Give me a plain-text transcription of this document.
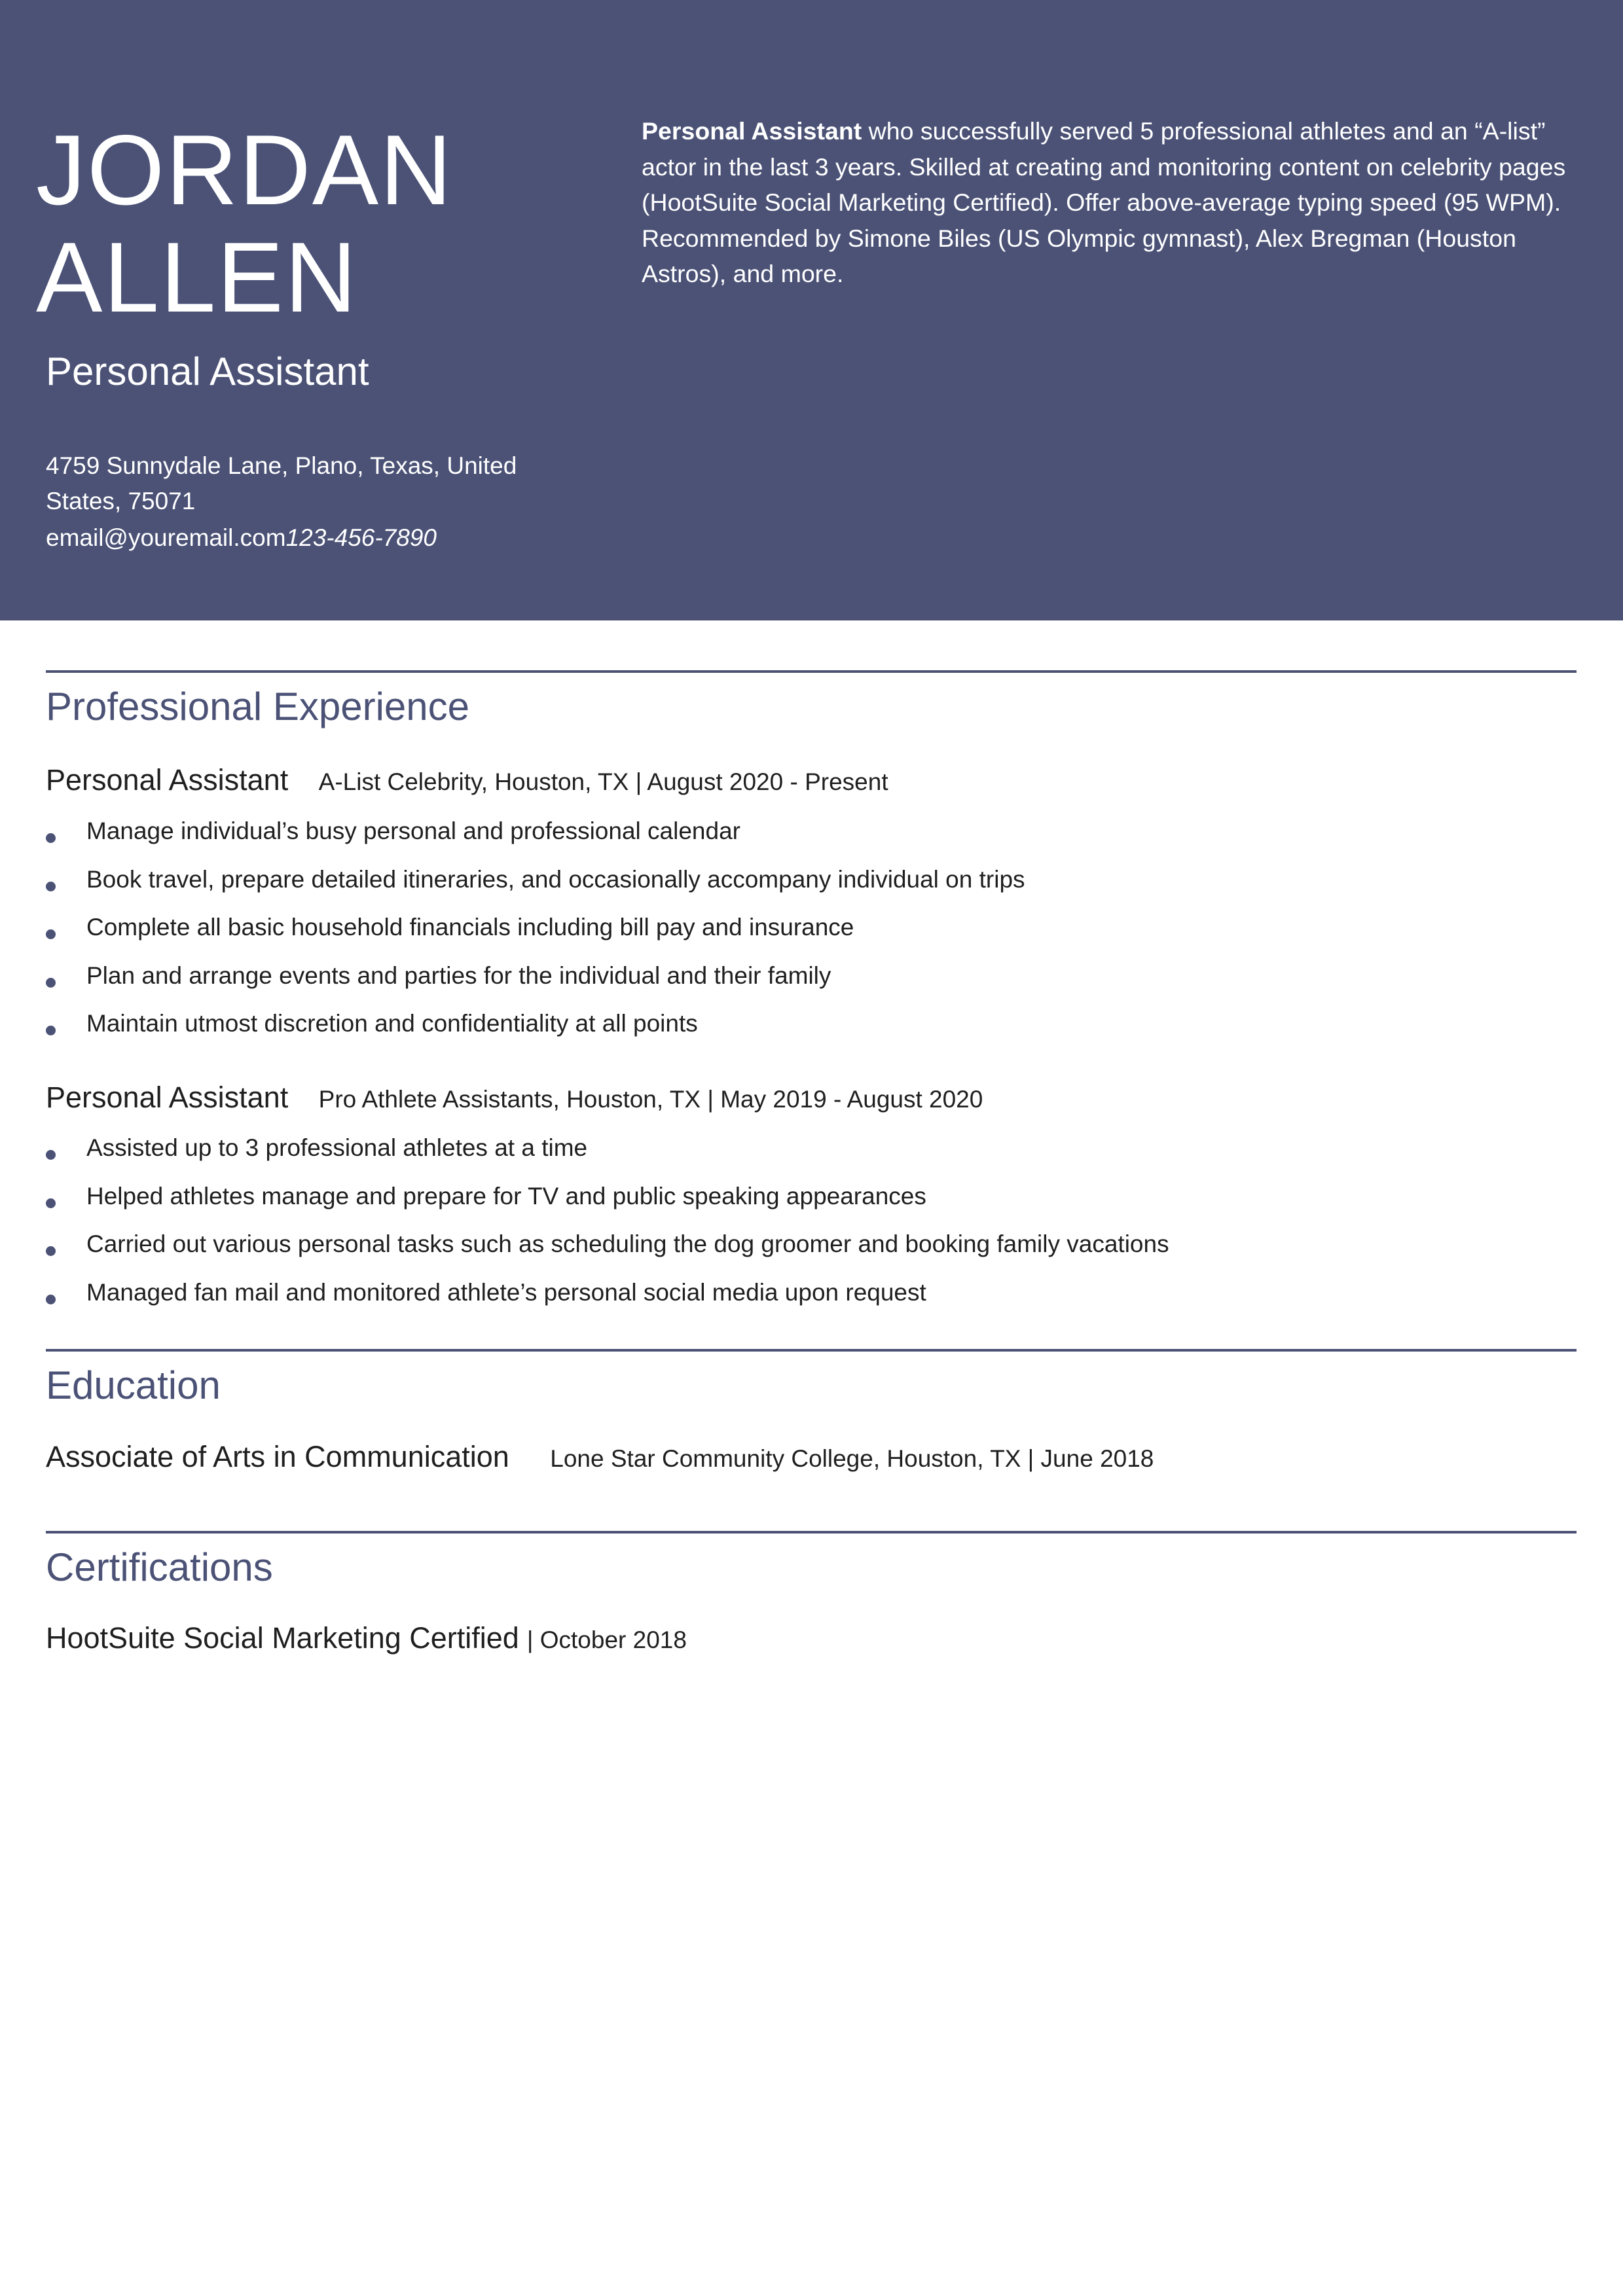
JORDAN
ALLEN
Personal Assistant
4759 Sunnydale Lane, Plano, Texas, United States, 75071
email@youremail.com123-456-7890
Personal Assistant who successfully served 5 professional athletes and an “A-list” actor in the last 3 years. Skilled at creating and monitoring content on celebrity pages (HootSuite Social Marketing Certified). Offer above-average typing speed (95 WPM). Recommended by Simone Biles (US Olympic gymnast), Alex Bregman (Houston Astros), and more.
Professional Experience
Personal Assistant A-List Celebrity, Houston, TX | August 2020 - Present
Manage individual’s busy personal and professional calendar
Book travel, prepare detailed itineraries, and occasionally accompany individual on trips
Complete all basic household financials including bill pay and insurance
Plan and arrange events and parties for the individual and their family
Maintain utmost discretion and confidentiality at all points
Personal Assistant Pro Athlete Assistants, Houston, TX | May 2019 - August 2020
Assisted up to 3 professional athletes at a time
Helped athletes manage and prepare for TV and public speaking appearances
Carried out various personal tasks such as scheduling the dog groomer and booking family vacations
Managed fan mail and monitored athlete’s personal social media upon request
Education
Associate of Arts in Communication Lone Star Community College, Houston, TX | June 2018
Certifications
HootSuite Social Marketing Certified | October 2018
